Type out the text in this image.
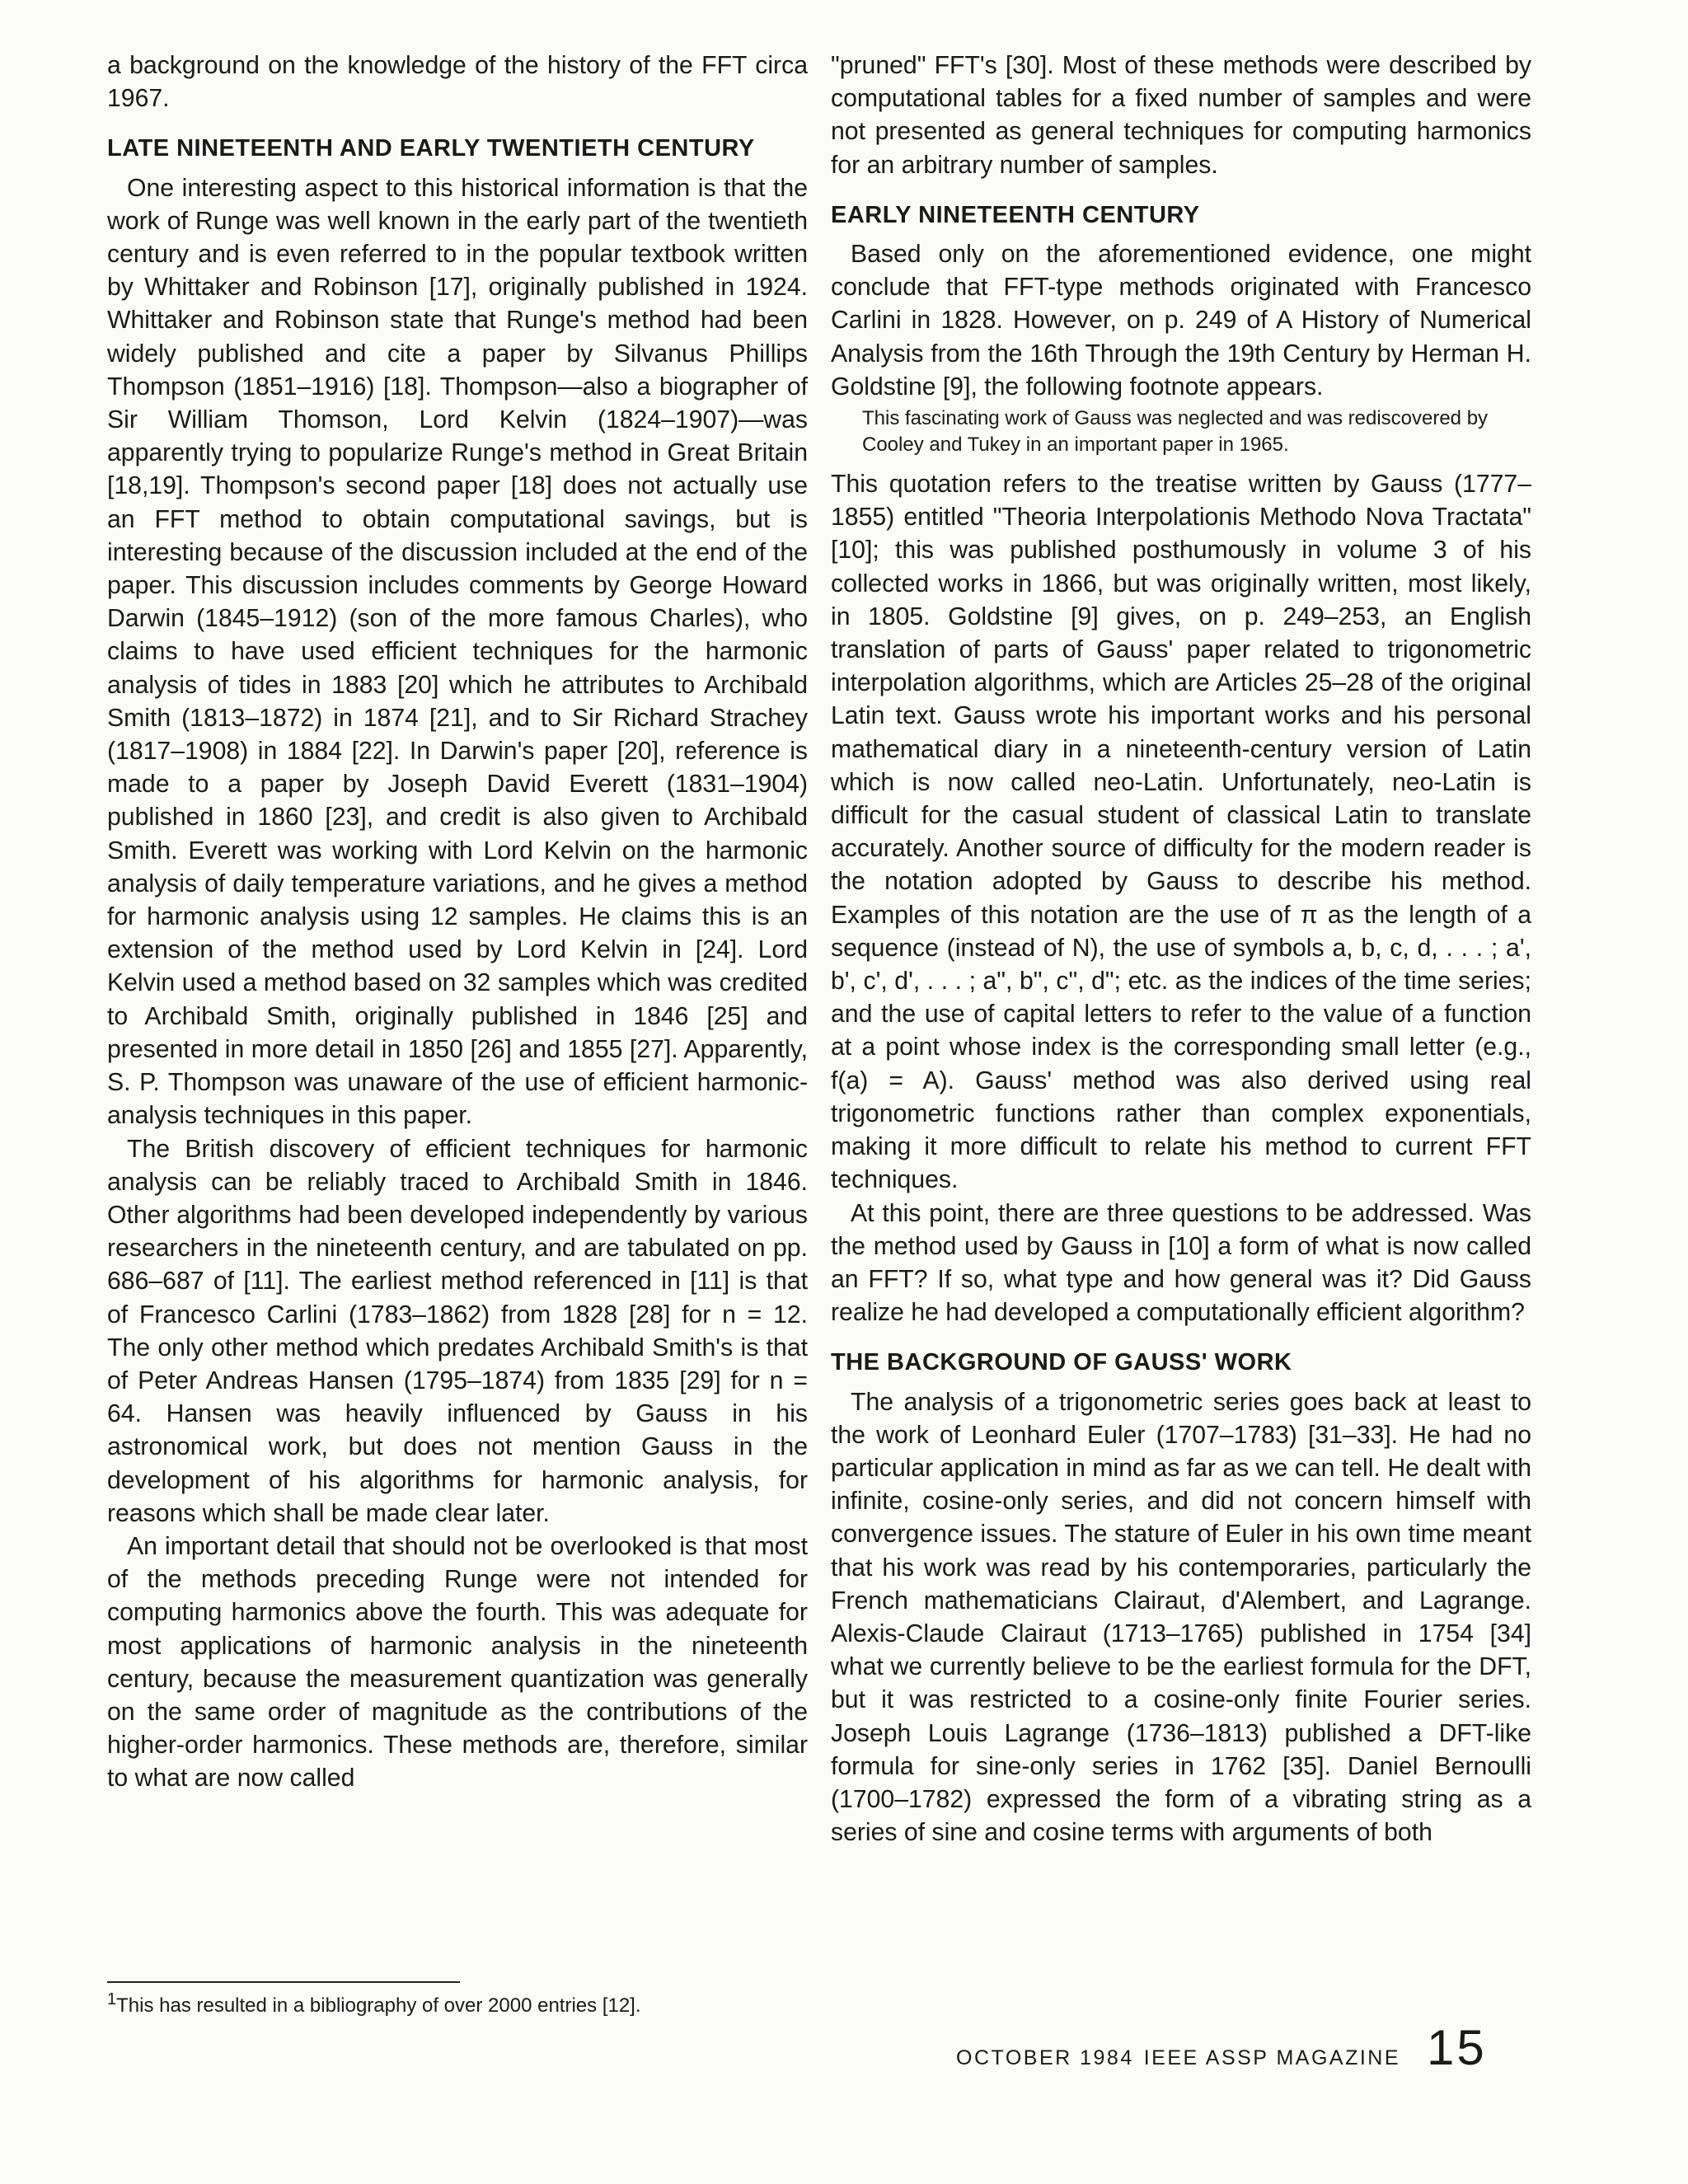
a background on the knowledge of the history of the FFT circa 1967.

LATE NINETEENTH AND EARLY TWENTIETH CENTURY

One interesting aspect to this historical information is that the work of Runge was well known in the early part of the twentieth century and is even referred to in the popular textbook written by Whittaker and Robinson [17], originally published in 1924. Whittaker and Robinson state that Runge's method had been widely published and cite a paper by Silvanus Phillips Thompson (1851–1916) [18]. Thompson—also a biographer of Sir William Thomson, Lord Kelvin (1824–1907)—was apparently trying to popularize Runge's method in Great Britain [18,19]. Thompson's second paper [18] does not actually use an FFT method to obtain computational savings, but is interesting because of the discussion included at the end of the paper. This discussion includes comments by George Howard Darwin (1845–1912) (son of the more famous Charles), who claims to have used efficient techniques for the harmonic analysis of tides in 1883 [20] which he attributes to Archibald Smith (1813–1872) in 1874 [21], and to Sir Richard Strachey (1817–1908) in 1884 [22]. In Darwin's paper [20], reference is made to a paper by Joseph David Everett (1831–1904) published in 1860 [23], and credit is also given to Archibald Smith. Everett was working with Lord Kelvin on the harmonic analysis of daily temperature variations, and he gives a method for harmonic analysis using 12 samples. He claims this is an extension of the method used by Lord Kelvin in [24]. Lord Kelvin used a method based on 32 samples which was credited to Archibald Smith, originally published in 1846 [25] and presented in more detail in 1850 [26] and 1855 [27]. Apparently, S. P. Thompson was unaware of the use of efficient harmonic-analysis techniques in this paper.

The British discovery of efficient techniques for harmonic analysis can be reliably traced to Archibald Smith in 1846. Other algorithms had been developed independently by various researchers in the nineteenth century, and are tabulated on pp. 686–687 of [11]. The earliest method referenced in [11] is that of Francesco Carlini (1783–1862) from 1828 [28] for n = 12. The only other method which predates Archibald Smith's is that of Peter Andreas Hansen (1795–1874) from 1835 [29] for n = 64. Hansen was heavily influenced by Gauss in his astronomical work, but does not mention Gauss in the development of his algorithms for harmonic analysis, for reasons which shall be made clear later.

An important detail that should not be overlooked is that most of the methods preceding Runge were not intended for computing harmonics above the fourth. This was adequate for most applications of harmonic analysis in the nineteenth century, because the measurement quantization was generally on the same order of magnitude as the contributions of the higher-order harmonics. These methods are, therefore, similar to what are now called

"pruned" FFT's [30]. Most of these methods were described by computational tables for a fixed number of samples and were not presented as general techniques for computing harmonics for an arbitrary number of samples.

EARLY NINETEENTH CENTURY

Based only on the aforementioned evidence, one might conclude that FFT-type methods originated with Francesco Carlini in 1828. However, on p. 249 of A History of Numerical Analysis from the 16th Through the 19th Century by Herman H. Goldstine [9], the following footnote appears.

This fascinating work of Gauss was neglected and was rediscovered by Cooley and Tukey in an important paper in 1965.

This quotation refers to the treatise written by Gauss (1777–1855) entitled "Theoria Interpolationis Methodo Nova Tractata" [10]; this was published posthumously in volume 3 of his collected works in 1866, but was originally written, most likely, in 1805. Goldstine [9] gives, on p. 249–253, an English translation of parts of Gauss' paper related to trigonometric interpolation algorithms, which are Articles 25–28 of the original Latin text. Gauss wrote his important works and his personal mathematical diary in a nineteenth-century version of Latin which is now called neo-Latin. Unfortunately, neo-Latin is difficult for the casual student of classical Latin to translate accurately. Another source of difficulty for the modern reader is the notation adopted by Gauss to describe his method. Examples of this notation are the use of π as the length of a sequence (instead of N), the use of symbols a, b, c, d, . . . ; a', b', c', d', . . . ; a", b", c", d"; etc. as the indices of the time series; and the use of capital letters to refer to the value of a function at a point whose index is the corresponding small letter (e.g., f(a) = A). Gauss' method was also derived using real trigonometric functions rather than complex exponentials, making it more difficult to relate his method to current FFT techniques.

At this point, there are three questions to be addressed. Was the method used by Gauss in [10] a form of what is now called an FFT? If so, what type and how general was it? Did Gauss realize he had developed a computationally efficient algorithm?

THE BACKGROUND OF GAUSS' WORK

The analysis of a trigonometric series goes back at least to the work of Leonhard Euler (1707–1783) [31–33]. He had no particular application in mind as far as we can tell. He dealt with infinite, cosine-only series, and did not concern himself with convergence issues. The stature of Euler in his own time meant that his work was read by his contemporaries, particularly the French mathematicians Clairaut, d'Alembert, and Lagrange. Alexis-Claude Clairaut (1713–1765) published in 1754 [34] what we currently believe to be the earliest formula for the DFT, but it was restricted to a cosine-only finite Fourier series. Joseph Louis Lagrange (1736–1813) published a DFT-like formula for sine-only series in 1762 [35]. Daniel Bernoulli (1700–1782) expressed the form of a vibrating string as a series of sine and cosine terms with arguments of both

$^1$This has resulted in a bibliography of over 2000 entries [12].
OCTOBER 1984 IEEE ASSP MAGAZINE 15
